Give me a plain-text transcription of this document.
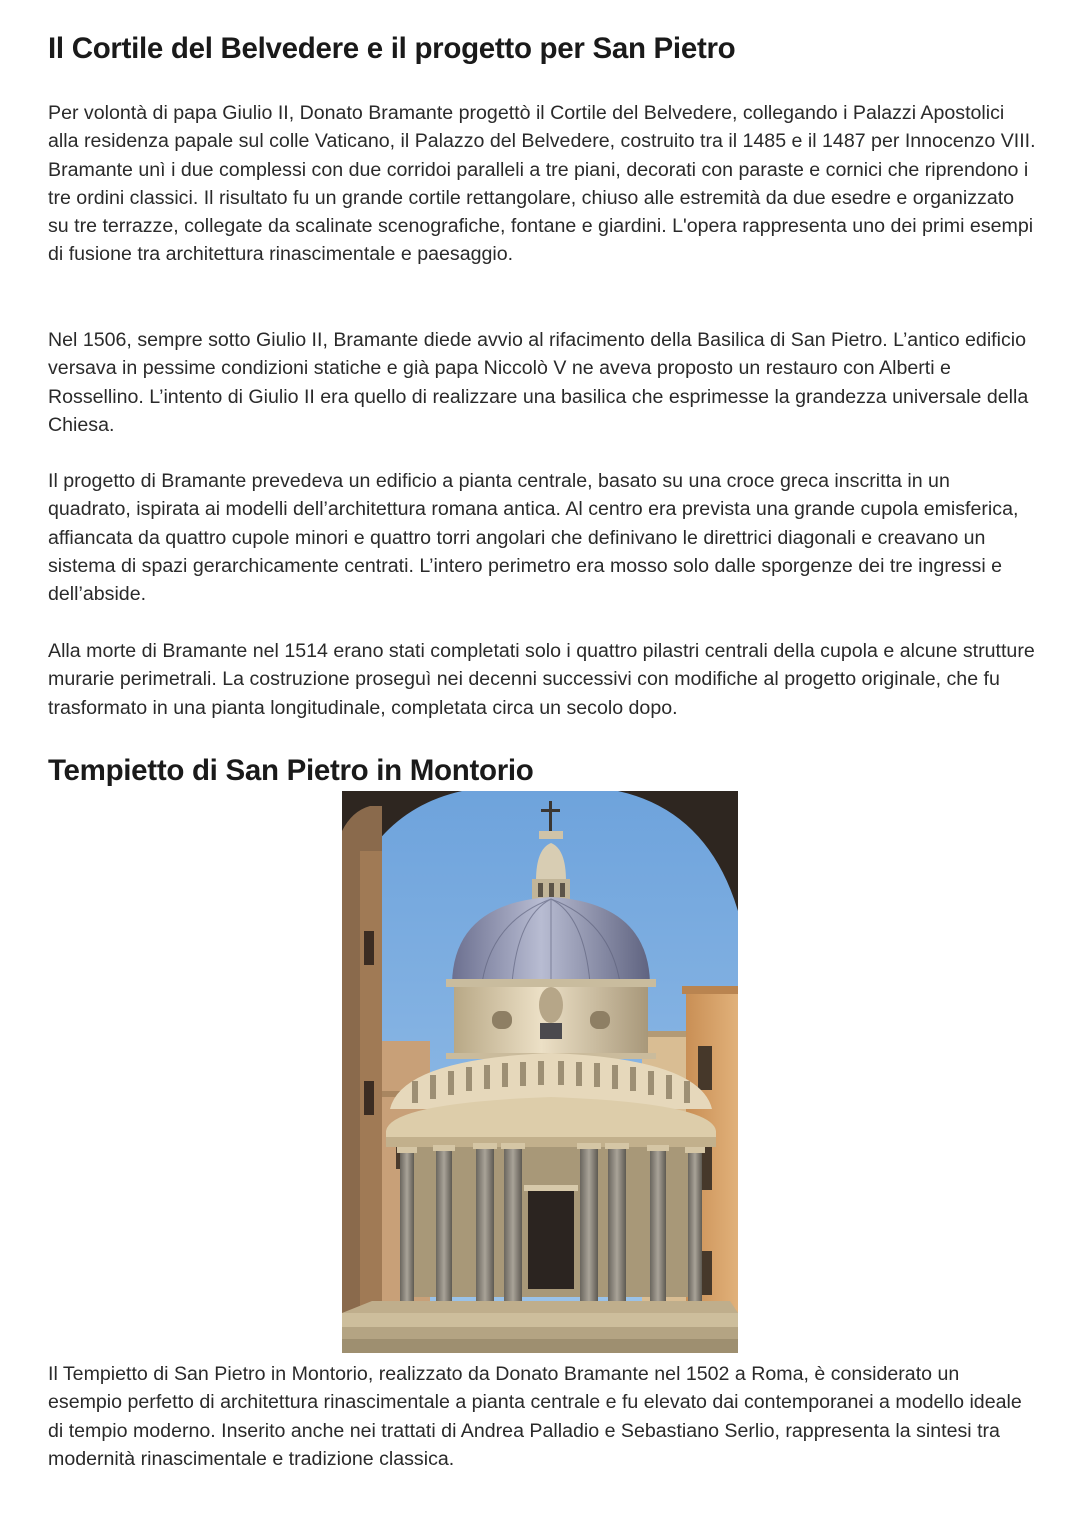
Il Cortile del Belvedere e il progetto per San Pietro

Per volontà di papa Giulio II, Donato Bramante progettò il Cortile del Belvedere, collegando i Palazzi Apostolici alla residenza papale sul colle Vaticano, il Palazzo del Belvedere, costruito tra il 1485 e il 1487 per Innocenzo VIII. Bramante unì i due complessi con due corridoi paralleli a tre piani, decorati con paraste e cornici che riprendono i tre ordini classici. Il risultato fu un grande cortile rettangolare, chiuso alle estremità da due esedre e organizzato su tre terrazze, collegate da scalinate scenografiche, fontane e giardini. L'opera rappresenta uno dei primi esempi di fusione tra architettura rinascimentale e paesaggio.

Nel 1506, sempre sotto Giulio II, Bramante diede avvio al rifacimento della Basilica di San Pietro. L’antico edificio versava in pessime condizioni statiche e già papa Niccolò V ne aveva proposto un restauro con Alberti e Rossellino. L’intento di Giulio II era quello di realizzare una basilica che esprimesse la grandezza universale della Chiesa.

Il progetto di Bramante prevedeva un edificio a pianta centrale, basato su una croce greca inscritta in un quadrato, ispirata ai modelli dell’architettura romana antica. Al centro era prevista una grande cupola emisferica, affiancata da quattro cupole minori e quattro torri angolari che definivano le direttrici diagonali e creavano un sistema di spazi gerarchicamente centrati. L’intero perimetro era mosso solo dalle sporgenze dei tre ingressi e dell’abside.

Alla morte di Bramante nel 1514 erano stati completati solo i quattro pilastri centrali della cupola e alcune strutture murarie perimetrali. La costruzione proseguì nei decenni successivi con modifiche al progetto originale, che fu trasformato in una pianta longitudinale, completata circa un secolo dopo.

Tempietto di San Pietro in Montorio

Il Tempietto di San Pietro in Montorio, realizzato da Donato Bramante nel 1502 a Roma, è considerato un esempio perfetto di architettura rinascimentale a pianta centrale e fu elevato dai contemporanei a modello ideale di tempio moderno. Inserito anche nei trattati di Andrea Palladio e Sebastiano Serlio, rappresenta la sintesi tra modernità rinascimentale e tradizione classica.
